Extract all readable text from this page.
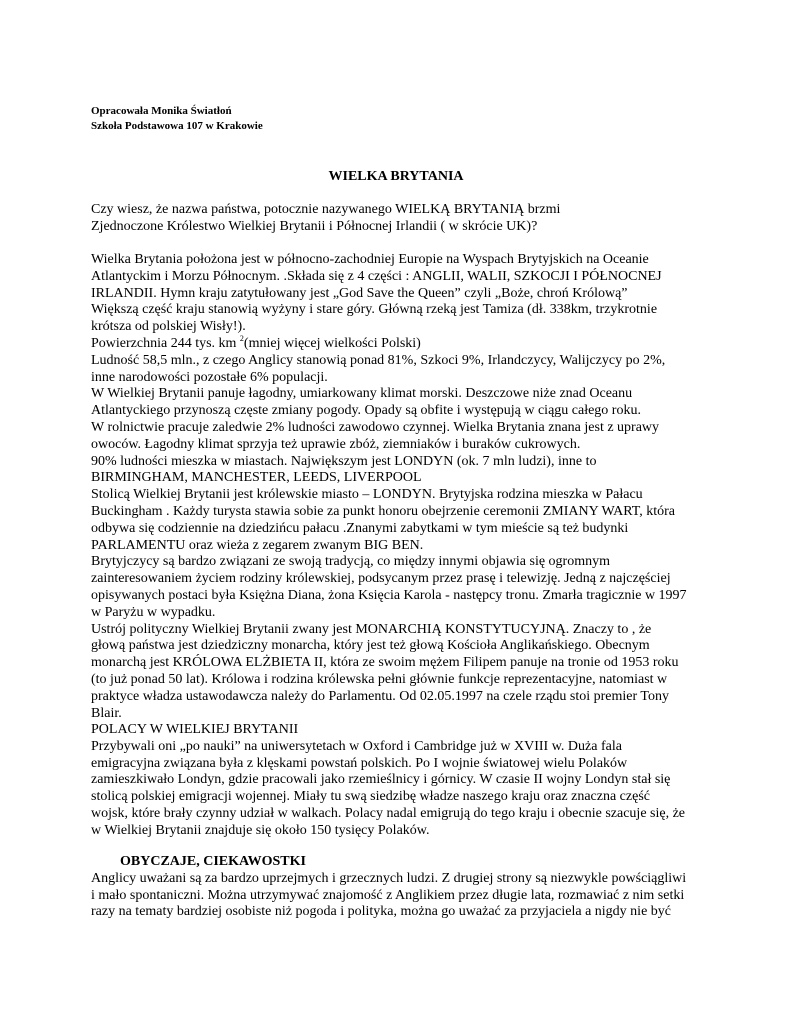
Opracowała Monika Światłoń
Szkoła Podstawowa 107 w Krakowie
WIELKA BRYTANIA
Czy wiesz, że nazwa państwa, potocznie nazywanego WIELKĄ BRYTANIĄ brzmi
Zjednoczone Królestwo Wielkiej Brytanii i Północnej Irlandii ( w skrócie UK)?
Wielka Brytania położona jest w północno-zachodniej Europie na Wyspach Brytyjskich na Oceanie
Atlantyckim i Morzu Północnym. .Składa się z 4 części : ANGLII, WALII, SZKOCJI I PÓŁNOCNEJ
IRLANDII. Hymn kraju zatytułowany jest „God Save the Queen” czyli „Boże, chroń Królową”
Większą część kraju stanowią wyżyny i stare góry. Główną rzeką jest Tamiza (dł. 338km, trzykrotnie
krótsza od polskiej Wisły!).
Powierzchnia 244 tys. km $^2$(mniej więcej wielkości Polski)
Ludność 58,5 mln., z czego Anglicy stanowią ponad 81%, Szkoci 9%, Irlandczycy, Walijczycy po 2%,
inne narodowości pozostałe 6% populacji.
W Wielkiej Brytanii panuje łagodny, umiarkowany klimat morski. Deszczowe niże znad Oceanu
Atlantyckiego przynoszą częste zmiany pogody. Opady są obfite i występują w ciągu całego roku.
W rolnictwie pracuje zaledwie 2% ludności zawodowo czynnej. Wielka Brytania znana jest z uprawy
owoców. Łagodny klimat sprzyja też uprawie zbóż, ziemniaków i buraków cukrowych.
90% ludności mieszka w miastach. Największym jest LONDYN (ok. 7 mln ludzi), inne to
BIRMINGHAM, MANCHESTER, LEEDS, LIVERPOOL
Stolicą Wielkiej Brytanii jest królewskie miasto – LONDYN. Brytyjska rodzina mieszka w Pałacu
Buckingham . Każdy turysta stawia sobie za punkt honoru obejrzenie ceremonii ZMIANY WART, która
odbywa się codziennie na dziedzińcu pałacu .Znanymi zabytkami w tym mieście są też budynki
PARLAMENTU oraz wieża z zegarem zwanym BIG BEN.
Brytyjczycy są bardzo związani ze swoją tradycją, co między innymi objawia się ogromnym
zainteresowaniem życiem rodziny królewskiej, podsycanym przez prasę i telewizję. Jedną z najczęściej
opisywanych postaci była Księżna Diana, żona Księcia Karola - następcy tronu. Zmarła tragicznie w 1997
w Paryżu w wypadku.
Ustrój polityczny Wielkiej Brytanii zwany jest MONARCHIĄ KONSTYTUCYJNĄ. Znaczy to , że
głową państwa jest dziedziczny monarcha, który jest też głową Kościoła Anglikańskiego. Obecnym
monarchą jest KRÓLOWA ELŻBIETA II, która ze swoim mężem Filipem panuje na tronie od 1953 roku
(to już ponad 50 lat). Królowa i rodzina królewska pełni głównie funkcje reprezentacyjne, natomiast w
praktyce władza ustawodawcza należy do Parlamentu. Od 02.05.1997 na czele rządu stoi premier Tony
Blair.
POLACY W WIELKIEJ BRYTANII
Przybywali oni „po nauki” na uniwersytetach w Oxford i Cambridge już w XVIII w. Duża fala
emigracyjna związana była z klęskami powstań polskich. Po I wojnie światowej wielu Polaków
zamieszkiwało Londyn, gdzie pracowali jako rzemieślnicy i górnicy. W czasie II wojny Londyn stał się
stolicą polskiej emigracji wojennej. Miały tu swą siedzibę władze naszego kraju oraz znaczna część
wojsk, które brały czynny udział w walkach. Polacy nadal emigrują do tego kraju i obecnie szacuje się, że
w Wielkiej Brytanii znajduje się około 150 tysięcy Polaków.
OBYCZAJE, CIEKAWOSTKI
Anglicy uważani są za bardzo uprzejmych i grzecznych ludzi. Z drugiej strony są niezwykle powściągliwi
i mało spontaniczni. Można utrzymywać znajomość z Anglikiem przez długie lata, rozmawiać z nim setki
razy na tematy bardziej osobiste niż pogoda i polityka, można go uważać za przyjaciela a nigdy nie być
